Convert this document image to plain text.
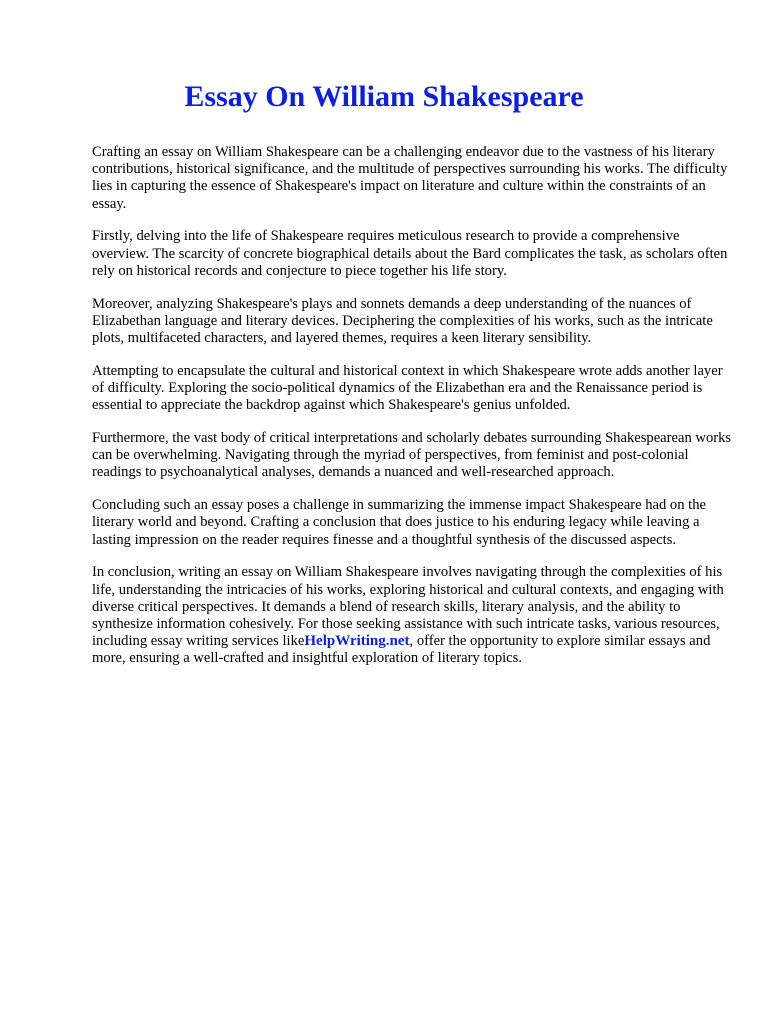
Essay On William Shakespeare

Crafting an essay on William Shakespeare can be a challenging endeavor due to the vastness of his literary contributions, historical significance, and the multitude of perspectives surrounding his works. The difficulty lies in capturing the essence of Shakespeare's impact on literature and culture within the constraints of an essay.

Firstly, delving into the life of Shakespeare requires meticulous research to provide a comprehensive overview. The scarcity of concrete biographical details about the Bard complicates the task, as scholars often rely on historical records and conjecture to piece together his life story.

Moreover, analyzing Shakespeare's plays and sonnets demands a deep understanding of the nuances of Elizabethan language and literary devices. Deciphering the complexities of his works, such as the intricate plots, multifaceted characters, and layered themes, requires a keen literary sensibility.

Attempting to encapsulate the cultural and historical context in which Shakespeare wrote adds another layer of difficulty. Exploring the socio-political dynamics of the Elizabethan era and the Renaissance period is essential to appreciate the backdrop against which Shakespeare's genius unfolded.

Furthermore, the vast body of critical interpretations and scholarly debates surrounding Shakespearean works can be overwhelming. Navigating through the myriad of perspectives, from feminist and post-colonial readings to psychoanalytical analyses, demands a nuanced and well-researched approach.

Concluding such an essay poses a challenge in summarizing the immense impact Shakespeare had on the literary world and beyond. Crafting a conclusion that does justice to his enduring legacy while leaving a lasting impression on the reader requires finesse and a thoughtful synthesis of the discussed aspects.

In conclusion, writing an essay on William Shakespeare involves navigating through the complexities of his life, understanding the intricacies of his works, exploring historical and cultural contexts, and engaging with diverse critical perspectives. It demands a blend of research skills, literary analysis, and the ability to synthesize information cohesively. For those seeking assistance with such intricate tasks, various resources, including essay writing services likeHelpWriting.net, offer the opportunity to explore similar essays and more, ensuring a well-crafted and insightful exploration of literary topics.
